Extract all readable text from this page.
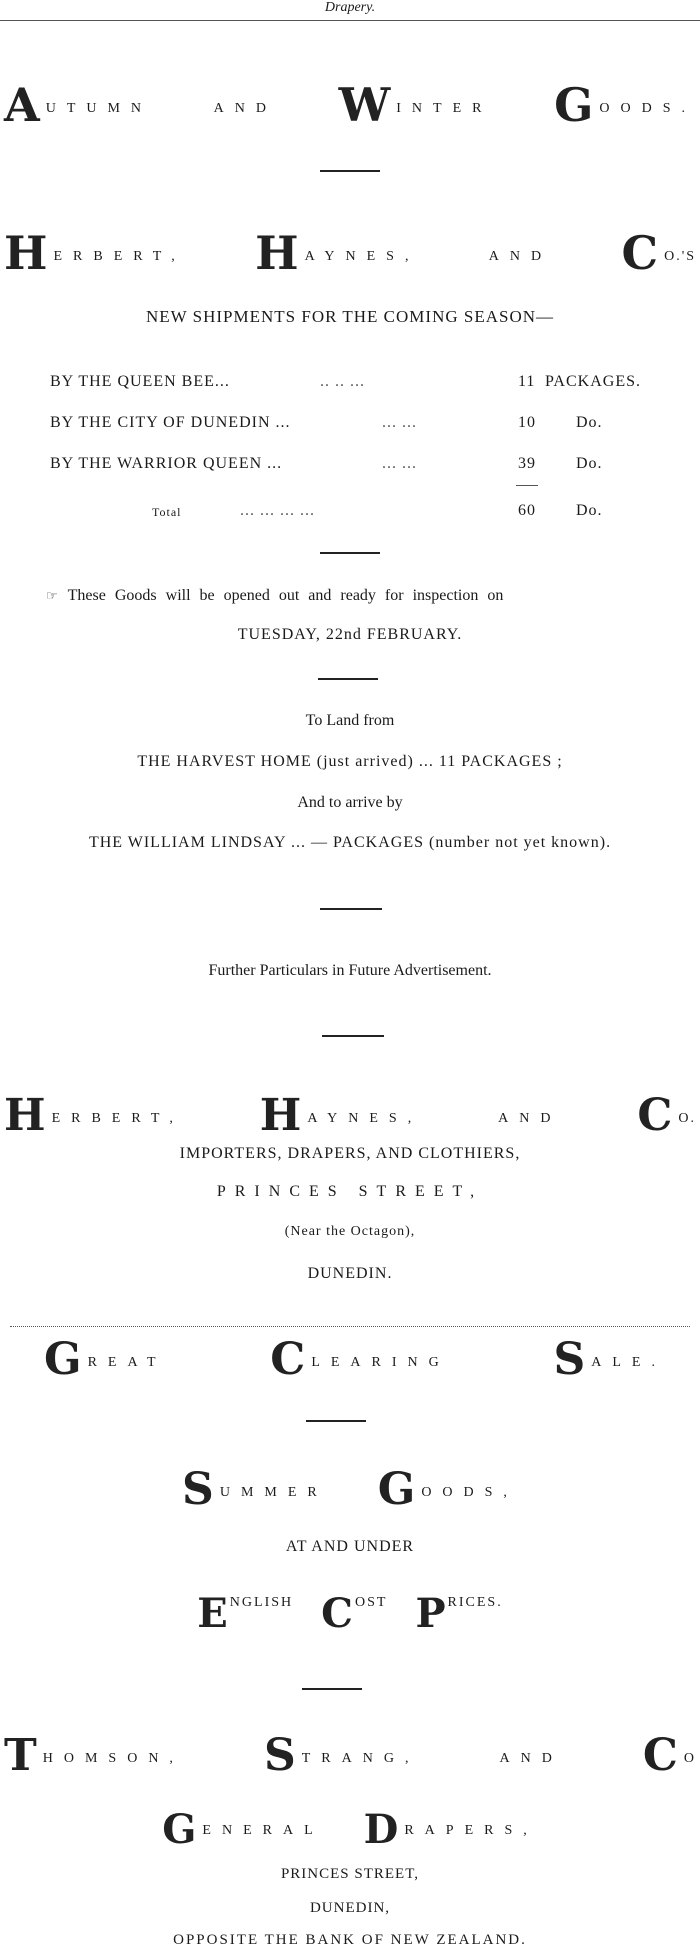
Drapery.
A UTUMN	AND W INTER G OODS.
H ERBERT, H AYNES,	AND C O.'S
NEW SHIPMENTS FOR THE COMING SEASON—
BY THE QUEEN BEE...	.. .. ...	11 PACKAGES.
BY THE CITY OF DUNEDIN ...	... ...	10	Do.
BY THE WARRIOR QUEEN ...	... ...	39	Do.
Total	... ... ... ...	60	Do.
☞ These Goods will be opened out and ready for inspection on
TUESDAY, 22nd FEBRUARY.
To Land from
THE HARVEST HOME (just arrived) ... 11 PACKAGES ;
And to arrive by
THE WILLIAM LINDSAY ... — PACKAGES (number not yet known).
Further Particulars in Future Advertisement.
H ERBERT, H AYNES,	AND C O.
IMPORTERS, DRAPERS, AND CLOTHIERS,
PRINCES STREET,
(Near the Octagon),
DUNEDIN.
G REAT C LEARING S ALE.
S UMMER G OODS,
AT AND UNDER
E NGLISH C OST P RICES.
T HOMSON, S TRANG,	AND C O
G ENERAL D RAPERS,
PRINCES STREET,
DUNEDIN,
OPPOSITE THE BANK OF NEW ZEALAND.
